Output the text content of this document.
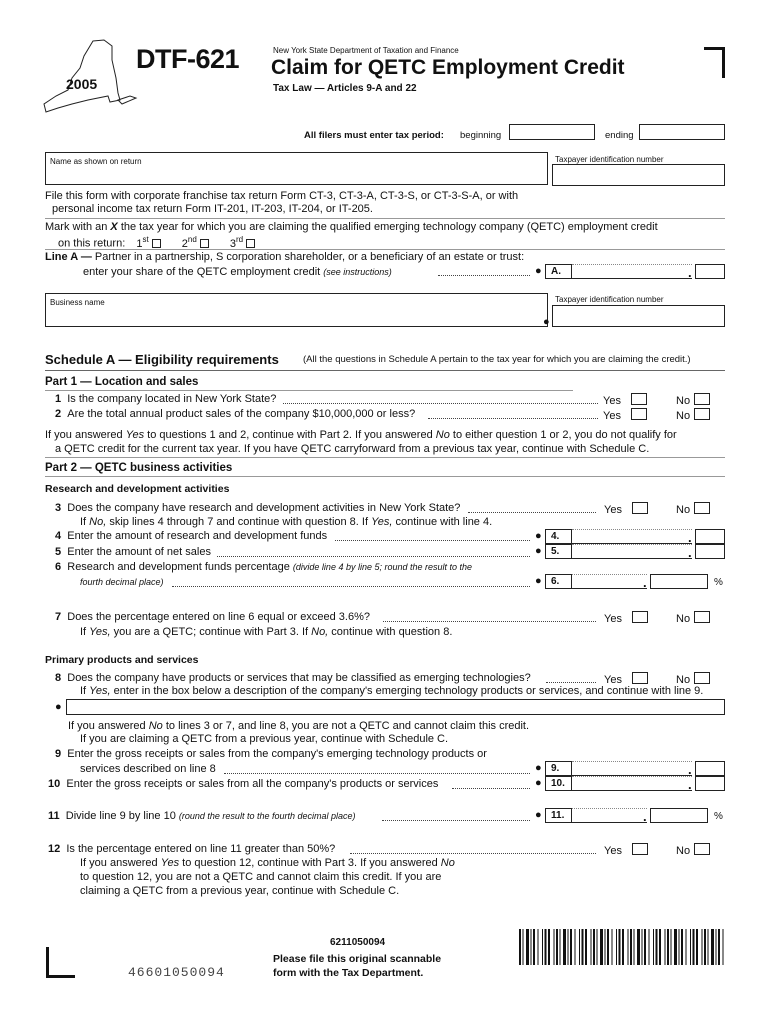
2005
DTF-621	New York State Department of Taxation and Finance
Claim for QETC Employment Credit
Tax Law — Articles 9-A and 22
All filers must enter tax period: beginning	ending
Name as shown on return	Taxpayer identification number
File this form with corporate franchise tax return Form CT-3, CT-3-A, CT-3-S, or CT-3-S-A, or with
personal income tax return Form IT-201, IT-203, IT-204, or IT-205.
Mark with an X the tax year for which you are claiming the qualified emerging technology company (QETC) employment credit
on this return: 1st	2nd	3rd
Line A — Partner in a partnership, S corporation shareholder, or a beneficiary of an estate or trust:
enter your share of the QETC employment credit (see instructions)	● A.	.
Business name	Taxpayer identification number
●
Schedule A — Eligibility requirements	(All the questions in Schedule A pertain to the tax year for which you are claiming the credit.)
Part 1 — Location and sales
1 Is the company located in New York State?	Yes	No
2 Are the total annual product sales of the company $10,000,000 or less?	Yes	No
If you answered Yes to questions 1 and 2, continue with Part 2. If you answered No to either question 1 or 2, you do not qualify for
a QETC credit for the current tax year. If you have QETC carryforward from a previous tax year, continue with Schedule C.
Part 2 — QETC business activities
Research and development activities
3 Does the company have research and development activities in New York State?	Yes	No
If No, skip lines 4 through 7 and continue with question 8. If Yes, continue with line 4.
4 Enter the amount of research and development funds	● 4.	.
5 Enter the amount of net sales	● 5.	.
6 Research and development funds percentage (divide line 4 by line 5; round the result to the
fourth decimal place)	● 6.	.	%
7 Does the percentage entered on line 6 equal or exceed 3.6%?	Yes	No
If Yes, you are a QETC; continue with Part 3. If No, continue with question 8.
Primary products and services
8 Does the company have products or services that may be classified as emerging technologies?	Yes	No
If Yes, enter in the box below a description of the company's emerging technology products or services, and continue with line 9.
●
If you answered No to lines 3 or 7, and line 8, you are not a QETC and cannot claim this credit.
If you are claiming a QETC from a previous year, continue with Schedule C.
9 Enter the gross receipts or sales from the company's emerging technology products or
services described on line 8	● 9.	.
10 Enter the gross receipts or sales from all the company's products or services	● 10.	.
11 Divide line 9 by line 10 (round the result to the fourth decimal place)	● 11.	.	%
12 Is the percentage entered on line 11 greater than 50%?	Yes	No
If you answered Yes to question 12, continue with Part 3. If you answered No
to question 12, you are not a QETC and cannot claim this credit. If you are
claiming a QETC from a previous year, continue with Schedule C.
6211050094
Please file this original scannable
form with the Tax Department.
46601050094
